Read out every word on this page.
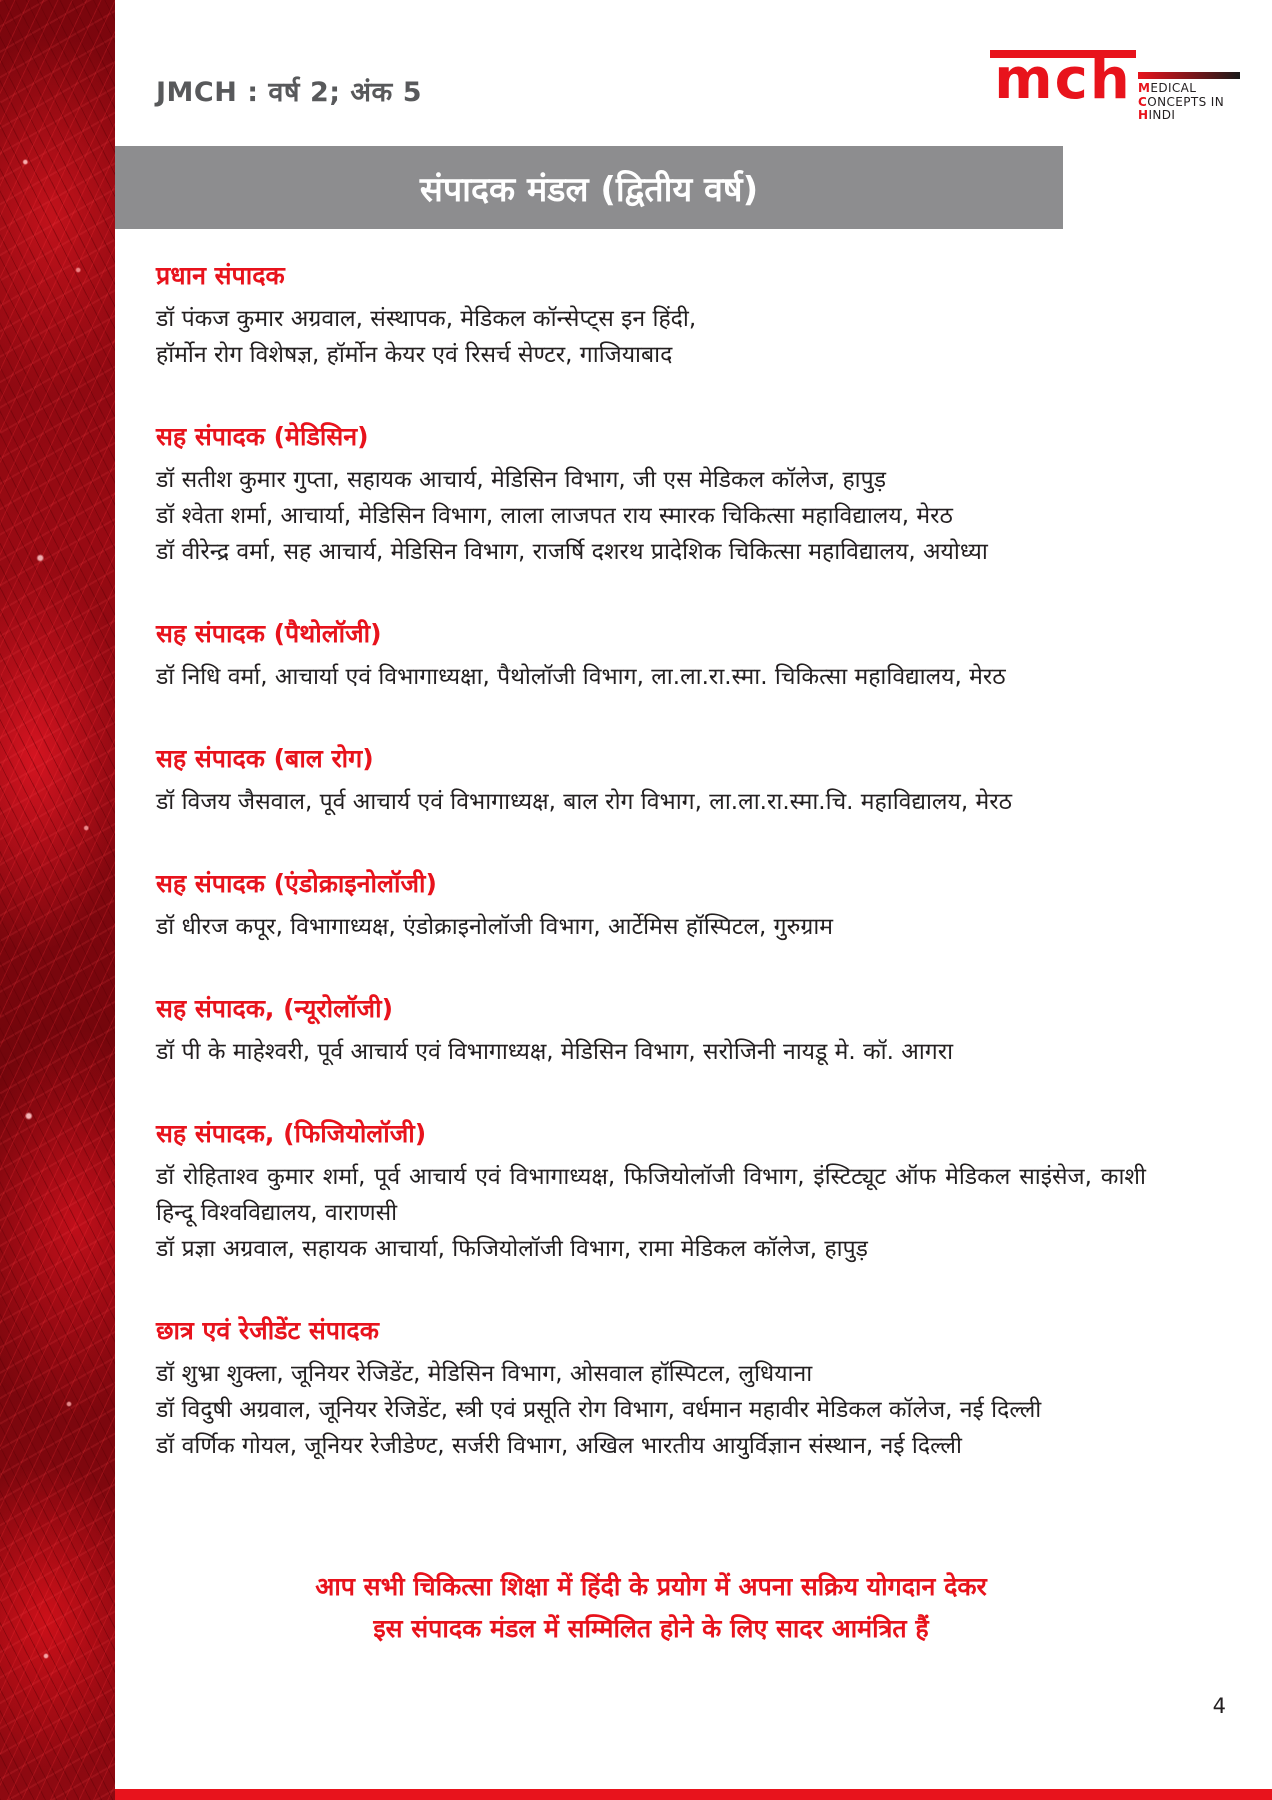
JMCH : वर्ष 2; अंक 5	mch MEDICAL
CONCEPTS IN
HINDI
संपादक मंडल (द्वितीय वर्ष)
प्रधान संपादक

डॉ पंकज कुमार अग्रवाल, संस्थापक, मेडिकल कॉन्सेप्ट्स इन हिंदी,

हॉर्मोन रोग विशेषज्ञ, हॉर्मोन केयर एवं रिसर्च सेण्टर, गाजियाबाद

सह संपादक (मेडिसिन)

डॉ सतीश कुमार गुप्ता, सहायक आचार्य, मेडिसिन विभाग, जी एस मेडिकल कॉलेज, हापुड़

डॉ श्वेता शर्मा, आचार्या, मेडिसिन विभाग, लाला लाजपत राय स्मारक चिकित्सा महाविद्यालय, मेरठ

डॉ वीरेन्द्र वर्मा, सह आचार्य, मेडिसिन विभाग, राजर्षि दशरथ प्रादेशिक चिकित्सा महाविद्यालय, अयोध्या

सह संपादक (पैथोलॉजी)

डॉ निधि वर्मा, आचार्या एवं विभागाध्यक्षा, पैथोलॉजी विभाग, ला.ला.रा.स्मा. चिकित्सा महाविद्यालय, मेरठ

सह संपादक (बाल रोग)

डॉ विजय जैसवाल, पूर्व आचार्य एवं विभागाध्यक्ष, बाल रोग विभाग, ला.ला.रा.स्मा.चि. महाविद्यालय, मेरठ

सह संपादक (एंडोक्राइनोलॉजी)

डॉ धीरज कपूर, विभागाध्यक्ष, एंडोक्राइनोलॉजी विभाग, आर्टेमिस हॉस्पिटल, गुरुग्राम

सह संपादक, (न्यूरोलॉजी)

डॉ पी के माहेश्वरी, पूर्व आचार्य एवं विभागाध्यक्ष, मेडिसिन विभाग, सरोजिनी नायडू मे. कॉ. आगरा

सह संपादक, (फिजियोलॉजी)

डॉ रोहिताश्व कुमार शर्मा, पूर्व आचार्य एवं विभागाध्यक्ष, फिजियोलॉजी विभाग, इंस्टिट्यूट ऑफ मेडिकल साइंसेज, काशी हिन्दू विश्वविद्यालय, वाराणसी

डॉ प्रज्ञा अग्रवाल, सहायक आचार्या, फिजियोलॉजी विभाग, रामा मेडिकल कॉलेज, हापुड़

छात्र एवं रेजीडेंट संपादक

डॉ शुभ्रा शुक्ला, जूनियर रेजिडेंट, मेडिसिन विभाग, ओसवाल हॉस्पिटल, लुधियाना

डॉ विदुषी अग्रवाल, जूनियर रेजिडेंट, स्त्री एवं प्रसूति रोग विभाग, वर्धमान महावीर मेडिकल कॉलेज, नई दिल्ली

डॉ वर्णिक गोयल, जूनियर रेजीडेण्ट, सर्जरी विभाग, अखिल भारतीय आयुर्विज्ञान संस्थान, नई दिल्ली

आप सभी चिकित्सा शिक्षा में हिंदी के प्रयोग में अपना सक्रिय योगदान देकर
इस संपादक मंडल में सम्मिलित होने के लिए सादर आमंत्रित हैं
4
